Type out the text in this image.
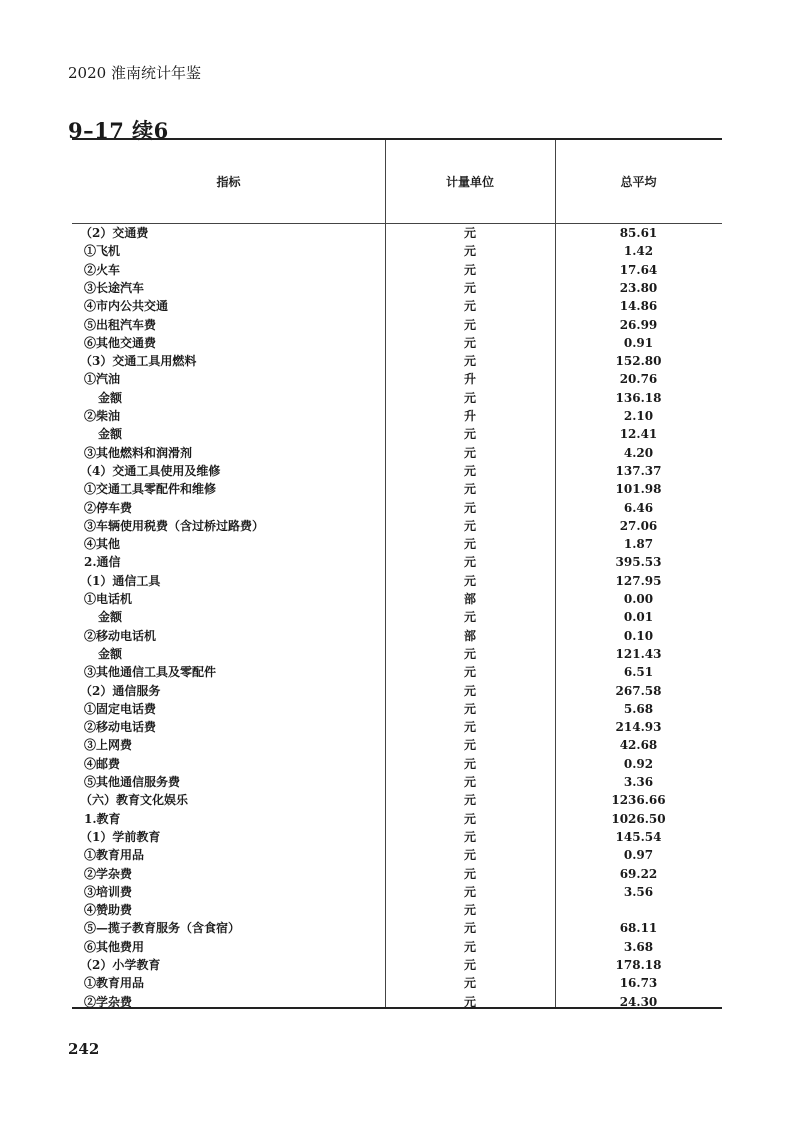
2020 淮南统计年鉴
9–17 续6
指标	计量单位	总平均
（2）交通费	元	85.61
①飞机	元	1.42
②火车	元	17.64
③长途汽车	元	23.80
④市内公共交通	元	14.86
⑤出租汽车费	元	26.99
⑥其他交通费	元	0.91
（3）交通工具用燃料	元	152.80
①汽油	升	20.76
金额	元	136.18
②柴油	升	2.10
金额	元	12.41
③其他燃料和润滑剂	元	4.20
（4）交通工具使用及维修	元	137.37
①交通工具零配件和维修	元	101.98
②停车费	元	6.46
③车辆使用税费（含过桥过路费）	元	27.06
④其他	元	1.87
2.通信	元	395.53
（1）通信工具	元	127.95
①电话机	部	0.00
金额	元	0.01
②移动电话机	部	0.10
金额	元	121.43
③其他通信工具及零配件	元	6.51
（2）通信服务	元	267.58
①固定电话费	元	5.68
②移动电话费	元	214.93
③上网费	元	42.68
④邮费	元	0.92
⑤其他通信服务费	元	3.36
（六）教育文化娱乐	元	1236.66
1.教育	元	1026.50
（1）学前教育	元	145.54
①教育用品	元	0.97
②学杂费	元	69.22
③培训费	元	3.56
④赞助费	元
⑤—揽子教育服务（含食宿）	元	68.11
⑥其他费用	元	3.68
（2）小学教育	元	178.18
①教育用品	元	16.73
②学杂费	元	24.30
242
